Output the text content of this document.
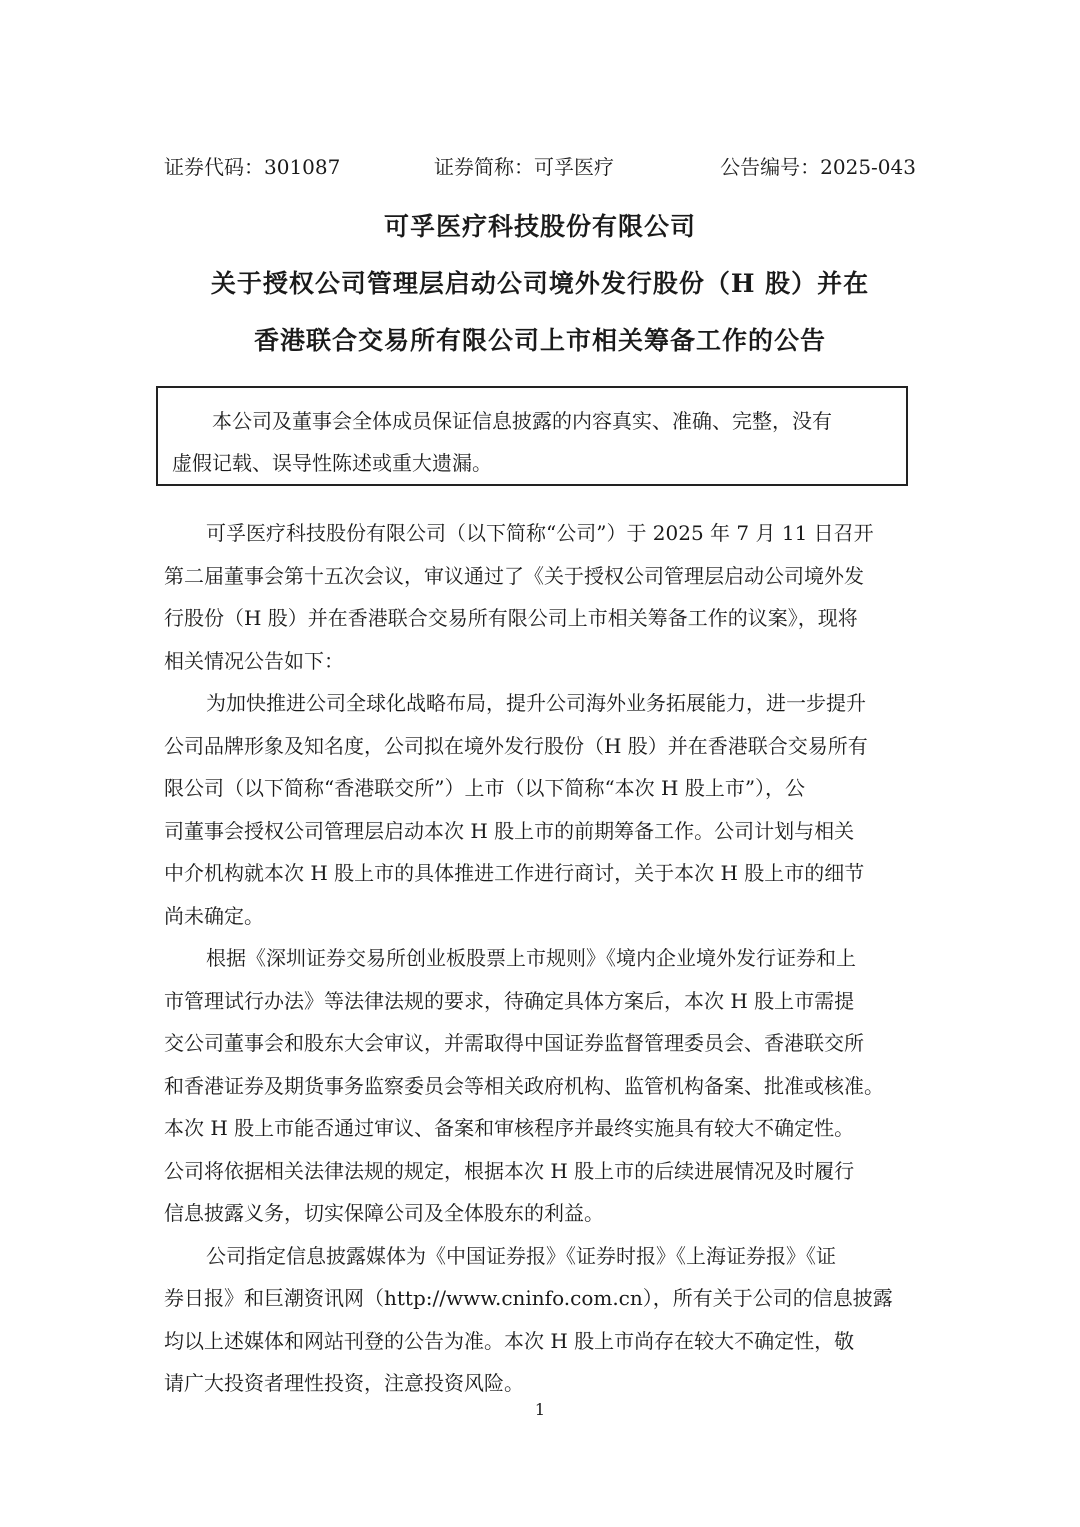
证券代码：301087	证券简称：可孚医疗	公告编号：2025-043
可孚医疗科技股份有限公司
关于授权公司管理层启动公司境外发行股份（H 股）并在
香港联合交易所有限公司上市相关筹备工作的公告
本公司及董事会全体成员保证信息披露的内容真实、准确、完整，没有
虚假记载、误导性陈述或重大遗漏。
可孚医疗科技股份有限公司（以下简称“公司”）于 2025 年 7 月 11 日召开
第二届董事会第十五次会议，审议通过了《关于授权公司管理层启动公司境外发
行股份（H 股）并在香港联合交易所有限公司上市相关筹备工作的议案》，现将
相关情况公告如下：
为加快推进公司全球化战略布局，提升公司海外业务拓展能力，进一步提升
公司品牌形象及知名度，公司拟在境外发行股份（H 股）并在香港联合交易所有
限公司（以下简称“香港联交所”）上市（以下简称“本次 H 股上市”），公
司董事会授权公司管理层启动本次 H 股上市的前期筹备工作。公司计划与相关
中介机构就本次 H 股上市的具体推进工作进行商讨，关于本次 H 股上市的细节
尚未确定。
根据《深圳证券交易所创业板股票上市规则》《境内企业境外发行证券和上
市管理试行办法》等法律法规的要求，待确定具体方案后，本次 H 股上市需提
交公司董事会和股东大会审议，并需取得中国证券监督管理委员会、香港联交所
和香港证券及期货事务监察委员会等相关政府机构、监管机构备案、批准或核准。
本次 H 股上市能否通过审议、备案和审核程序并最终实施具有较大不确定性。
公司将依据相关法律法规的规定，根据本次 H 股上市的后续进展情况及时履行
信息披露义务，切实保障公司及全体股东的利益。
公司指定信息披露媒体为《中国证券报》《证券时报》《上海证券报》《证
券日报》和巨潮资讯网（http://www.cninfo.com.cn），所有关于公司的信息披露
均以上述媒体和网站刊登的公告为准。本次 H 股上市尚存在较大不确定性，敬
请广大投资者理性投资，注意投资风险。
1
